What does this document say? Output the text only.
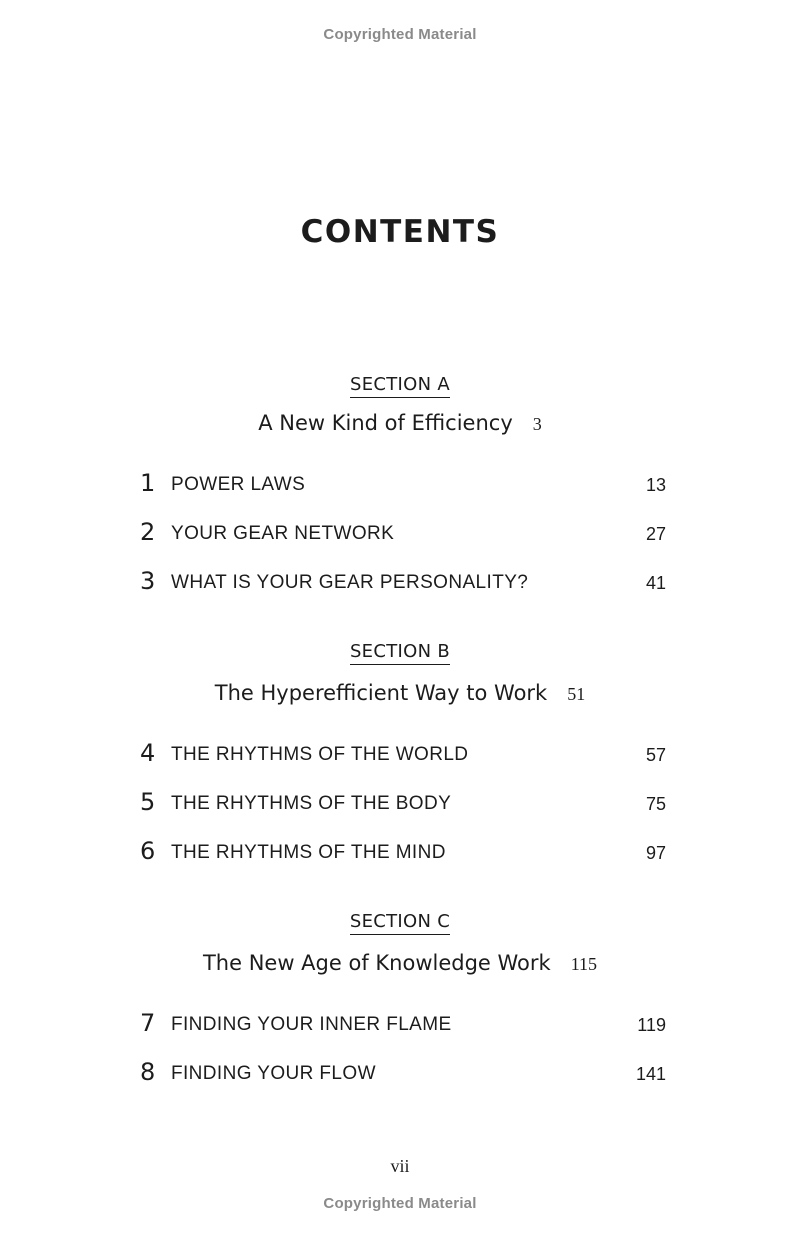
Copyrighted Material
CONTENTS
SECTION A
A New Kind of Efficiency 3
1 POWER LAWS	13
2 YOUR GEAR NETWORK	27
3 WHAT IS YOUR GEAR PERSONALITY?	41
SECTION B
The Hyperefficient Way to Work 51
4 THE RHYTHMS OF THE WORLD	57
5 THE RHYTHMS OF THE BODY	75
6 THE RHYTHMS OF THE MIND	97
SECTION C
The New Age of Knowledge Work 115
7 FINDING YOUR INNER FLAME	119
8 FINDING YOUR FLOW	141
vii
Copyrighted Material
